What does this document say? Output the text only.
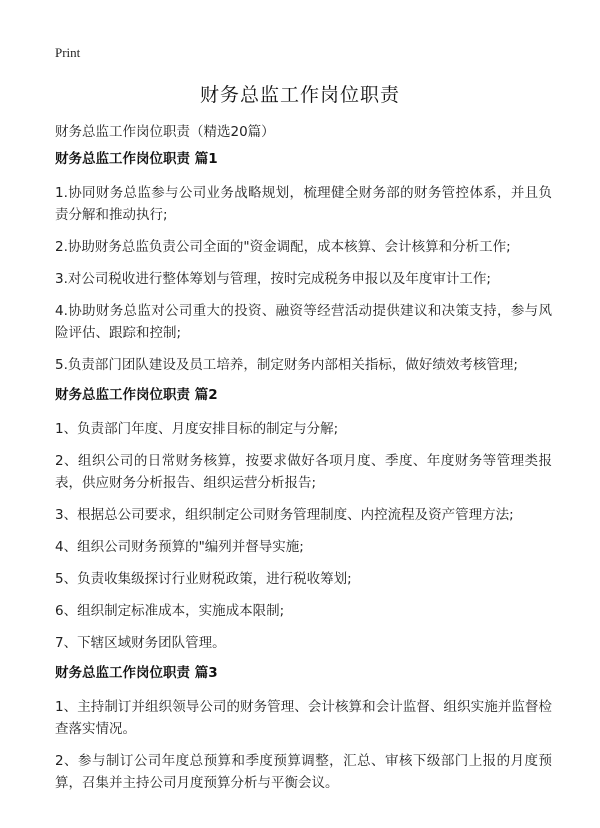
Print
财务总监工作岗位职责
财务总监工作岗位职责（精选20篇）
财务总监工作岗位职责 篇1

1.协同财务总监参与公司业务战略规划，梳理健全财务部的财务管控体系，并且负责分解和推动执行;

2.协助财务总监负责公司全面的"资金调配，成本核算、会计核算和分析工作;

3.对公司税收进行整体筹划与管理，按时完成税务申报以及年度审计工作;

4.协助财务总监对公司重大的投资、融资等经营活动提供建议和决策支持，参与风险评估、跟踪和控制;

5.负责部门团队建设及员工培养，制定财务内部相关指标，做好绩效考核管理;

财务总监工作岗位职责 篇2

1、负责部门年度、月度安排目标的制定与分解;

2、组织公司的日常财务核算，按要求做好各项月度、季度、年度财务等管理类报表，供应财务分析报告、组织运营分析报告;

3、根据总公司要求，组织制定公司财务管理制度、内控流程及资产管理方法;

4、组织公司财务预算的"编列并督导实施;

5、负责收集级探讨行业财税政策，进行税收筹划;

6、组织制定标准成本，实施成本限制;

7、下辖区域财务团队管理。

财务总监工作岗位职责 篇3

1、主持制订并组织领导公司的财务管理、会计核算和会计监督、组织实施并监督检查落实情况。

2、参与制订公司年度总预算和季度预算调整，汇总、审核下级部门上报的月度预算，召集并主持公司月度预算分析与平衡会议。
